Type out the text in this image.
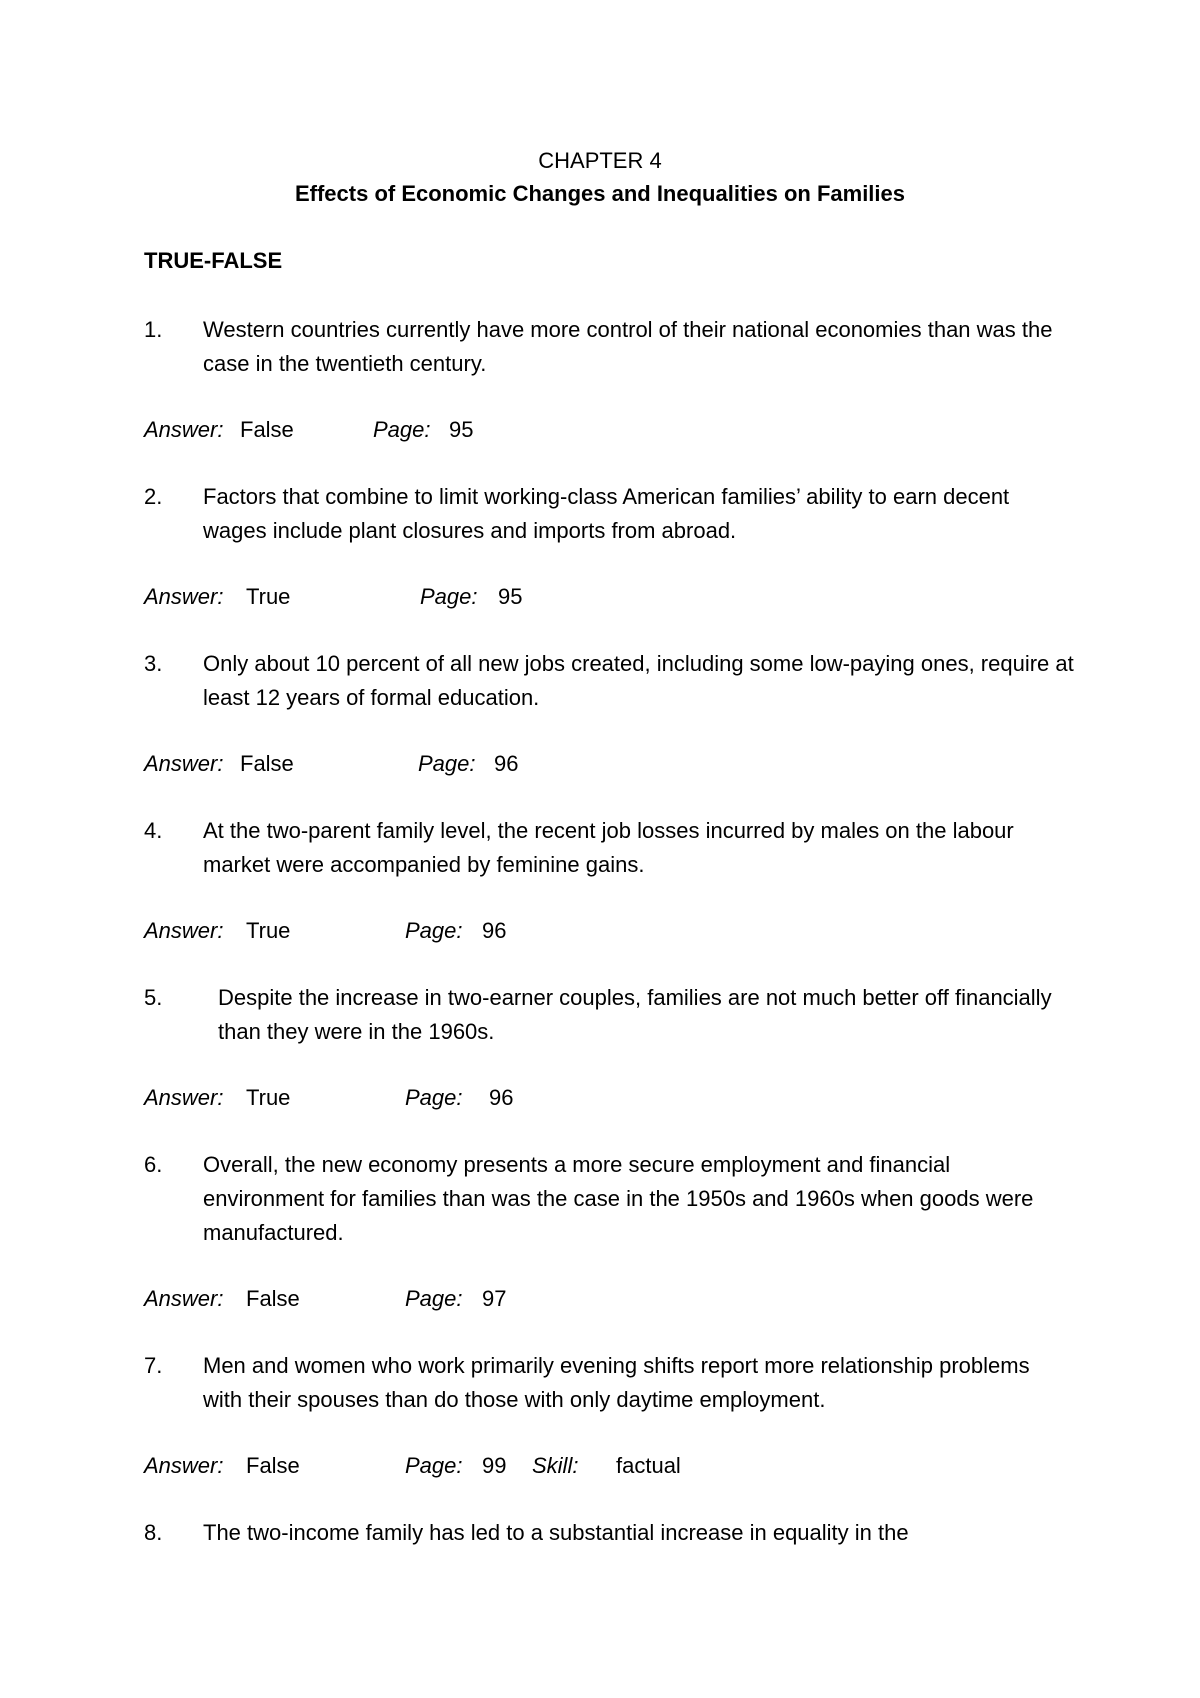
CHAPTER 4
Effects of Economic Changes and Inequalities on Families
TRUE-FALSE
1. Western countries currently have more control of their national economies than was the case in the twentieth century.
Answer: False	Page: 95
2. Factors that combine to limit working-class American families’ ability to earn decent wages include plant closures and imports from abroad.
Answer: True	Page: 95
3. Only about 10 percent of all new jobs created, including some low-paying ones, require at least 12 years of formal education.
Answer: False	Page: 96
4. At the two-parent family level, the recent job losses incurred by males on the labour market were accompanied by feminine gains.
Answer: True	Page: 96
5.	Despite the increase in two-earner couples, families are not much better off financially than they were in the 1960s.
Answer: True	Page: 96
6. Overall, the new economy presents a more secure employment and financial environment for families than was the case in the 1950s and 1960s when goods were manufactured.
Answer: False	Page: 97
7. Men and women who work primarily evening shifts report more relationship problems with their spouses than do those with only daytime employment.
Answer: False	Page: 99 Skill: factual
8. The two-income family has led to a substantial increase in equality in the
